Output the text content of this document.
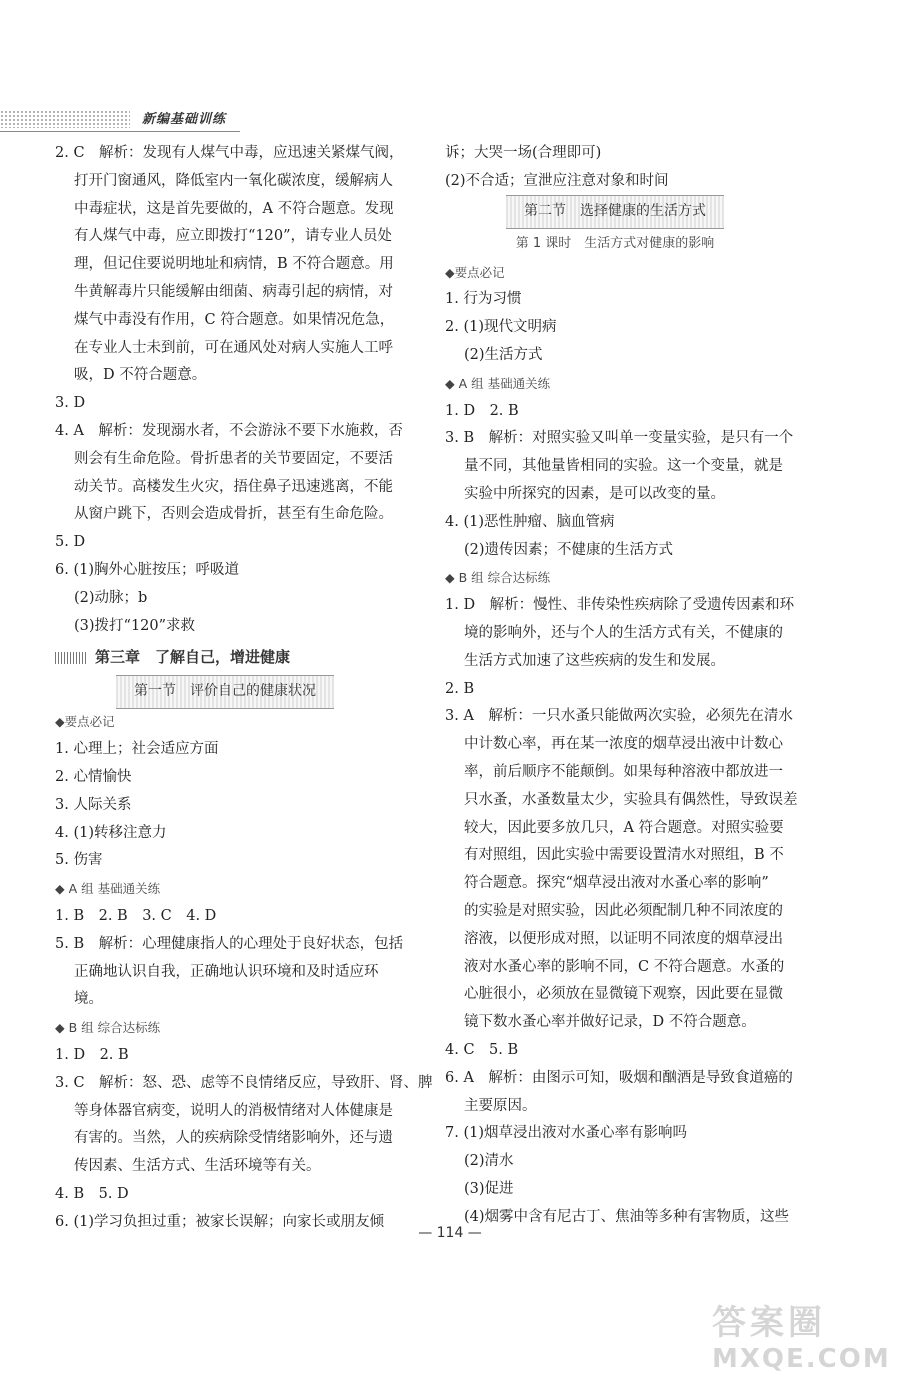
新编基础训练
2. C　解析：发现有人煤气中毒，应迅速关紧煤气阀，
打开门窗通风，降低室内一氧化碳浓度，缓解病人
中毒症状，这是首先要做的，A 不符合题意。发现
有人煤气中毒，应立即拨打“120”，请专业人员处
理，但记住要说明地址和病情，B 不符合题意。用
牛黄解毒片只能缓解由细菌、病毒引起的病情，对
煤气中毒没有作用，C 符合题意。如果情况危急，
在专业人士未到前，可在通风处对病人实施人工呼
吸，D 不符合题意。
3. D
4. A　解析：发现溺水者，不会游泳不要下水施救，否
则会有生命危险。骨折患者的关节要固定，不要活
动关节。高楼发生火灾，捂住鼻子迅速逃离，不能
从窗户跳下，否则会造成骨折，甚至有生命危险。
5. D
6. (1)胸外心脏按压；呼吸道
(2)动脉；b
(3)拨打“120”求救
第三章　了解自己，增进健康
第一节　评价自己的健康状况
◆要点必记
1. 心理上；社会适应方面
2. 心情愉快
3. 人际关系
4. (1)转移注意力
5. 伤害
◆ A 组 基础通关练
1. B　2. B　3. C　4. D
5. B　解析：心理健康指人的心理处于良好状态，包括
正确地认识自我，正确地认识环境和及时适应环
境。
◆ B 组 综合达标练
1. D　2. B
3. C　解析：怒、恐、虑等不良情绪反应，导致肝、肾、脾
等身体器官病变，说明人的消极情绪对人体健康是
有害的。当然，人的疾病除受情绪影响外，还与遗
传因素、生活方式、生活环境等有关。
4. B　5. D
6. (1)学习负担过重；被家长误解；向家长或朋友倾
诉；大哭一场(合理即可)
(2)不合适；宣泄应注意对象和时间
第二节　选择健康的生活方式
第 1 课时　生活方式对健康的影响
◆要点必记
1. 行为习惯
2. (1)现代文明病
(2)生活方式
◆ A 组 基础通关练
1. D　2. B
3. B　解析：对照实验又叫单一变量实验，是只有一个
量不同，其他量皆相同的实验。这一个变量，就是
实验中所探究的因素，是可以改变的量。
4. (1)恶性肿瘤、脑血管病
(2)遗传因素；不健康的生活方式
◆ B 组 综合达标练
1. D　解析：慢性、非传染性疾病除了受遗传因素和环
境的影响外，还与个人的生活方式有关，不健康的
生活方式加速了这些疾病的发生和发展。
2. B
3. A　解析：一只水蚤只能做两次实验，必须先在清水
中计数心率，再在某一浓度的烟草浸出液中计数心
率，前后顺序不能颠倒。如果每种溶液中都放进一
只水蚤，水蚤数量太少，实验具有偶然性，导致误差
较大，因此要多放几只，A 符合题意。对照实验要
有对照组，因此实验中需要设置清水对照组，B 不
符合题意。探究“烟草浸出液对水蚤心率的影响”
的实验是对照实验，因此必须配制几种不同浓度的
溶液，以便形成对照，以证明不同浓度的烟草浸出
液对水蚤心率的影响不同，C 不符合题意。水蚤的
心脏很小，必须放在显微镜下观察，因此要在显微
镜下数水蚤心率并做好记录，D 不符合题意。
4. C　5. B
6. A　解析：由图示可知，吸烟和酗酒是导致食道癌的
主要原因。
7. (1)烟草浸出液对水蚤心率有影响吗
(2)清水
(3)促进
(4)烟雾中含有尼古丁、焦油等多种有害物质，这些
— 114 —
答案圈
MXQE.COM
